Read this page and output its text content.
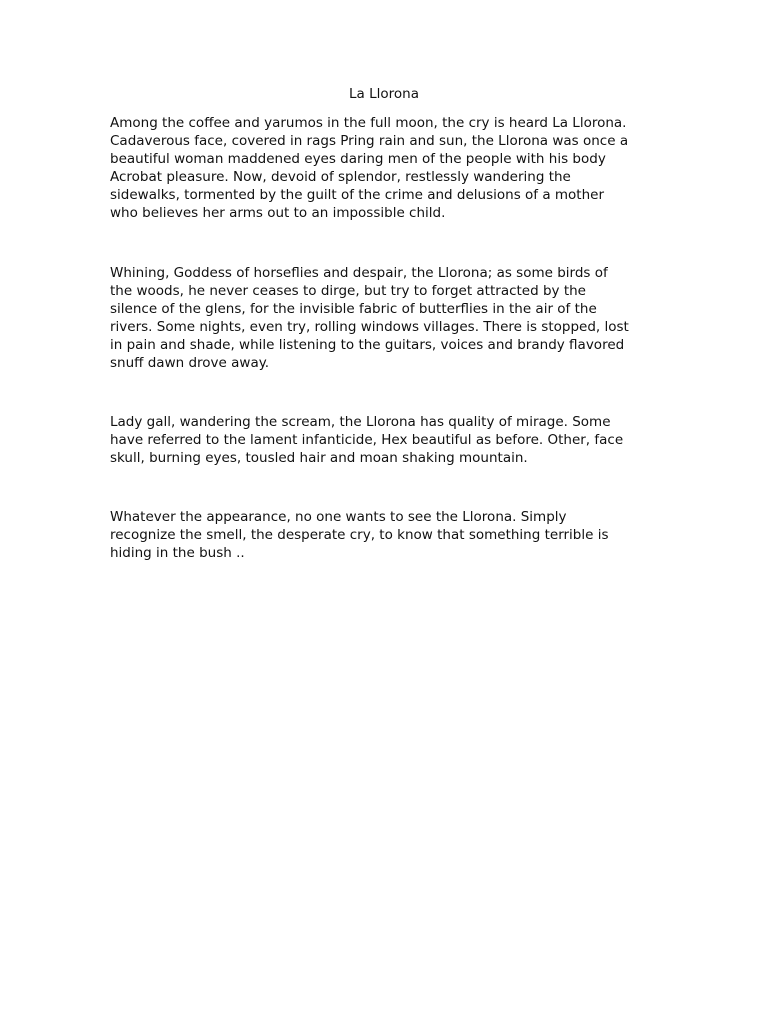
La Llorona

Among the coffee and yarumos in the full moon, the cry is heard La Llorona.
Cadaverous face, covered in rags Pring rain and sun, the Llorona was once a
beautiful woman maddened eyes daring men of the people with his body
Acrobat pleasure. Now, devoid of splendor, restlessly wandering the
sidewalks, tormented by the guilt of the crime and delusions of a mother
who believes her arms out to an impossible child.

Whining, Goddess of horseflies and despair, the Llorona; as some birds of
the woods, he never ceases to dirge, but try to forget attracted by the
silence of the glens, for the invisible fabric of butterflies in the air of the
rivers. Some nights, even try, rolling windows villages. There is stopped, lost
in pain and shade, while listening to the guitars, voices and brandy flavored
snuff dawn drove away.

Lady gall, wandering the scream, the Llorona has quality of mirage. Some
have referred to the lament infanticide, Hex beautiful as before. Other, face
skull, burning eyes, tousled hair and moan shaking mountain.

Whatever the appearance, no one wants to see the Llorona. Simply
recognize the smell, the desperate cry, to know that something terrible is
hiding in the bush ..
